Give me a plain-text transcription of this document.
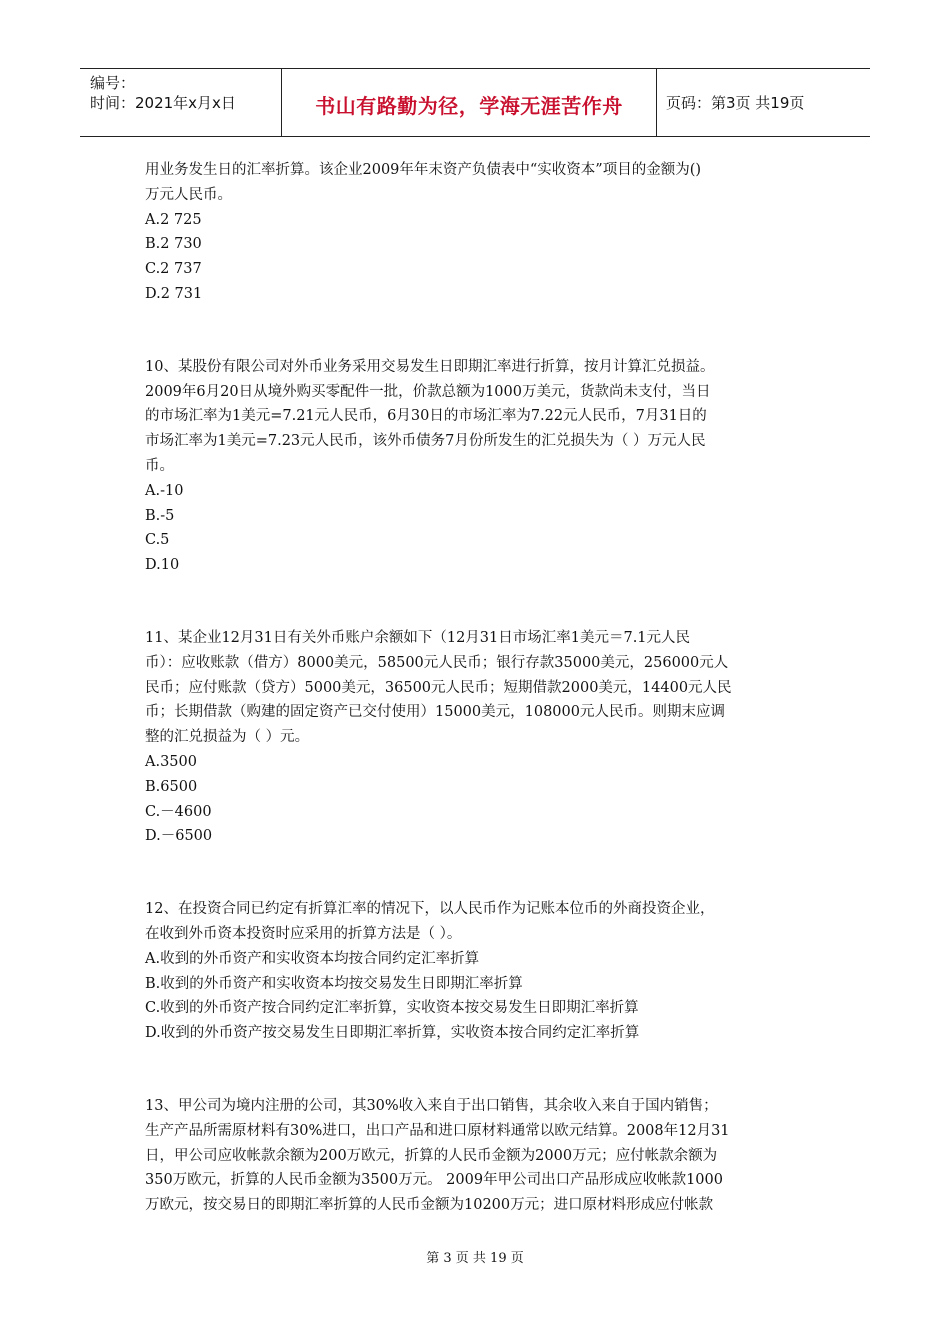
编号：
时间：2021年x月x日	书山有路勤为径，学海无涯苦作舟	页码：第3页 共19页

用业务发生日的汇率折算。该企业2009年年末资产负债表中“实收资本”项目的金额为()

万元人民币。

A.2 725

B.2 730

C.2 737

D.2 731

10、某股份有限公司对外币业务采用交易发生日即期汇率进行折算，按月计算汇兑损益。

2009年6月20日从境外购买零配件一批，价款总额为1000万美元，货款尚未支付，当日

的市场汇率为1美元=7.21元人民币，6月30日的市场汇率为7.22元人民币，7月31日的

市场汇率为1美元=7.23元人民币，该外币债务7月份所发生的汇兑损失为（ ）万元人民

币。

A.-10

B.-5

C.5

D.10

11、某企业12月31日有关外币账户余额如下（12月31日市场汇率1美元＝7.1元人民

币）：应收账款（借方）8000美元，58500元人民币；银行存款35000美元，256000元人

民币；应付账款（贷方）5000美元，36500元人民币；短期借款2000美元，14400元人民

币；长期借款（购建的固定资产已交付使用）15000美元，108000元人民币。则期末应调

整的汇兑损益为（ ）元。

A.3500

B.6500

C.－4600

D.－6500

12、在投资合同已约定有折算汇率的情况下，以人民币作为记账本位币的外商投资企业，

在收到外币资本投资时应采用的折算方法是（ ）。

A.收到的外币资产和实收资本均按合同约定汇率折算

B.收到的外币资产和实收资本均按交易发生日即期汇率折算

C.收到的外币资产按合同约定汇率折算，实收资本按交易发生日即期汇率折算

D.收到的外币资产按交易发生日即期汇率折算，实收资本按合同约定汇率折算

13、甲公司为境内注册的公司，其30%收入来自于出口销售，其余收入来自于国内销售；

生产产品所需原材料有30%进口，出口产品和进口原材料通常以欧元结算。2008年12月31

日，甲公司应收帐款余额为200万欧元，折算的人民币金额为2000万元；应付帐款余额为

350万欧元，折算的人民币金额为3500万元。 2009年甲公司出口产品形成应收帐款1000

万欧元，按交易日的即期汇率折算的人民币金额为10200万元；进口原材料形成应付帐款

第 3 页 共 19 页
